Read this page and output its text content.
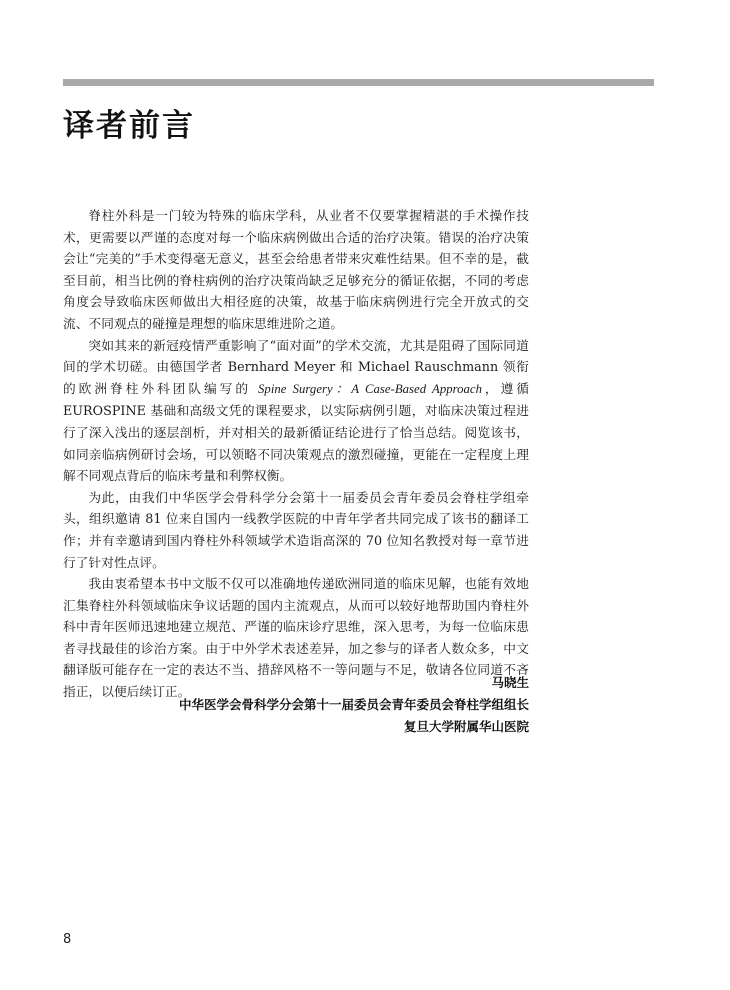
译者前言

脊柱外科是一门较为特殊的临床学科，从业者不仅要掌握精湛的手术操作技术，更需要以严谨的态度对每一个临床病例做出合适的治疗决策。错误的治疗决策会让“完美的”手术变得毫无意义，甚至会给患者带来灾难性结果。但不幸的是，截至目前，相当比例的脊柱病例的治疗决策尚缺乏足够充分的循证依据，不同的考虑角度会导致临床医师做出大相径庭的决策，故基于临床病例进行完全开放式的交流、不同观点的碰撞是理想的临床思维进阶之道。

突如其来的新冠疫情严重影响了“面对面”的学术交流，尤其是阻碍了国际同道间的学术切磋。由德国学者 Bernhard Meyer 和 Michael Rauschmann 领衔的欧洲脊柱外科团队编写的 Spine Surgery：A Case-Based Approach，遵循 EUROSPINE 基础和高级文凭的课程要求，以实际病例引题，对临床决策过程进行了深入浅出的逐层剖析，并对相关的最新循证结论进行了恰当总结。阅览该书，如同亲临病例研讨会场，可以领略不同决策观点的激烈碰撞，更能在一定程度上理解不同观点背后的临床考量和利弊权衡。

为此，由我们中华医学会骨科学分会第十一届委员会青年委员会脊柱学组牵头，组织邀请 81 位来自国内一线教学医院的中青年学者共同完成了该书的翻译工作；并有幸邀请到国内脊柱外科领域学术造诣高深的 70 位知名教授对每一章节进行了针对性点评。

我由衷希望本书中文版不仅可以准确地传递欧洲同道的临床见解，也能有效地汇集脊柱外科领域临床争议话题的国内主流观点，从而可以较好地帮助国内脊柱外科中青年医师迅速地建立规范、严谨的临床诊疗思维，深入思考，为每一位临床患者寻找最佳的诊治方案。由于中外学术表述差异，加之参与的译者人数众多，中文翻译版可能存在一定的表达不当、措辞风格不一等问题与不足，敬请各位同道不吝指正，以便后续订正。

马晓生
中华医学会骨科学分会第十一届委员会青年委员会脊柱学组组长
复旦大学附属华山医院
8
